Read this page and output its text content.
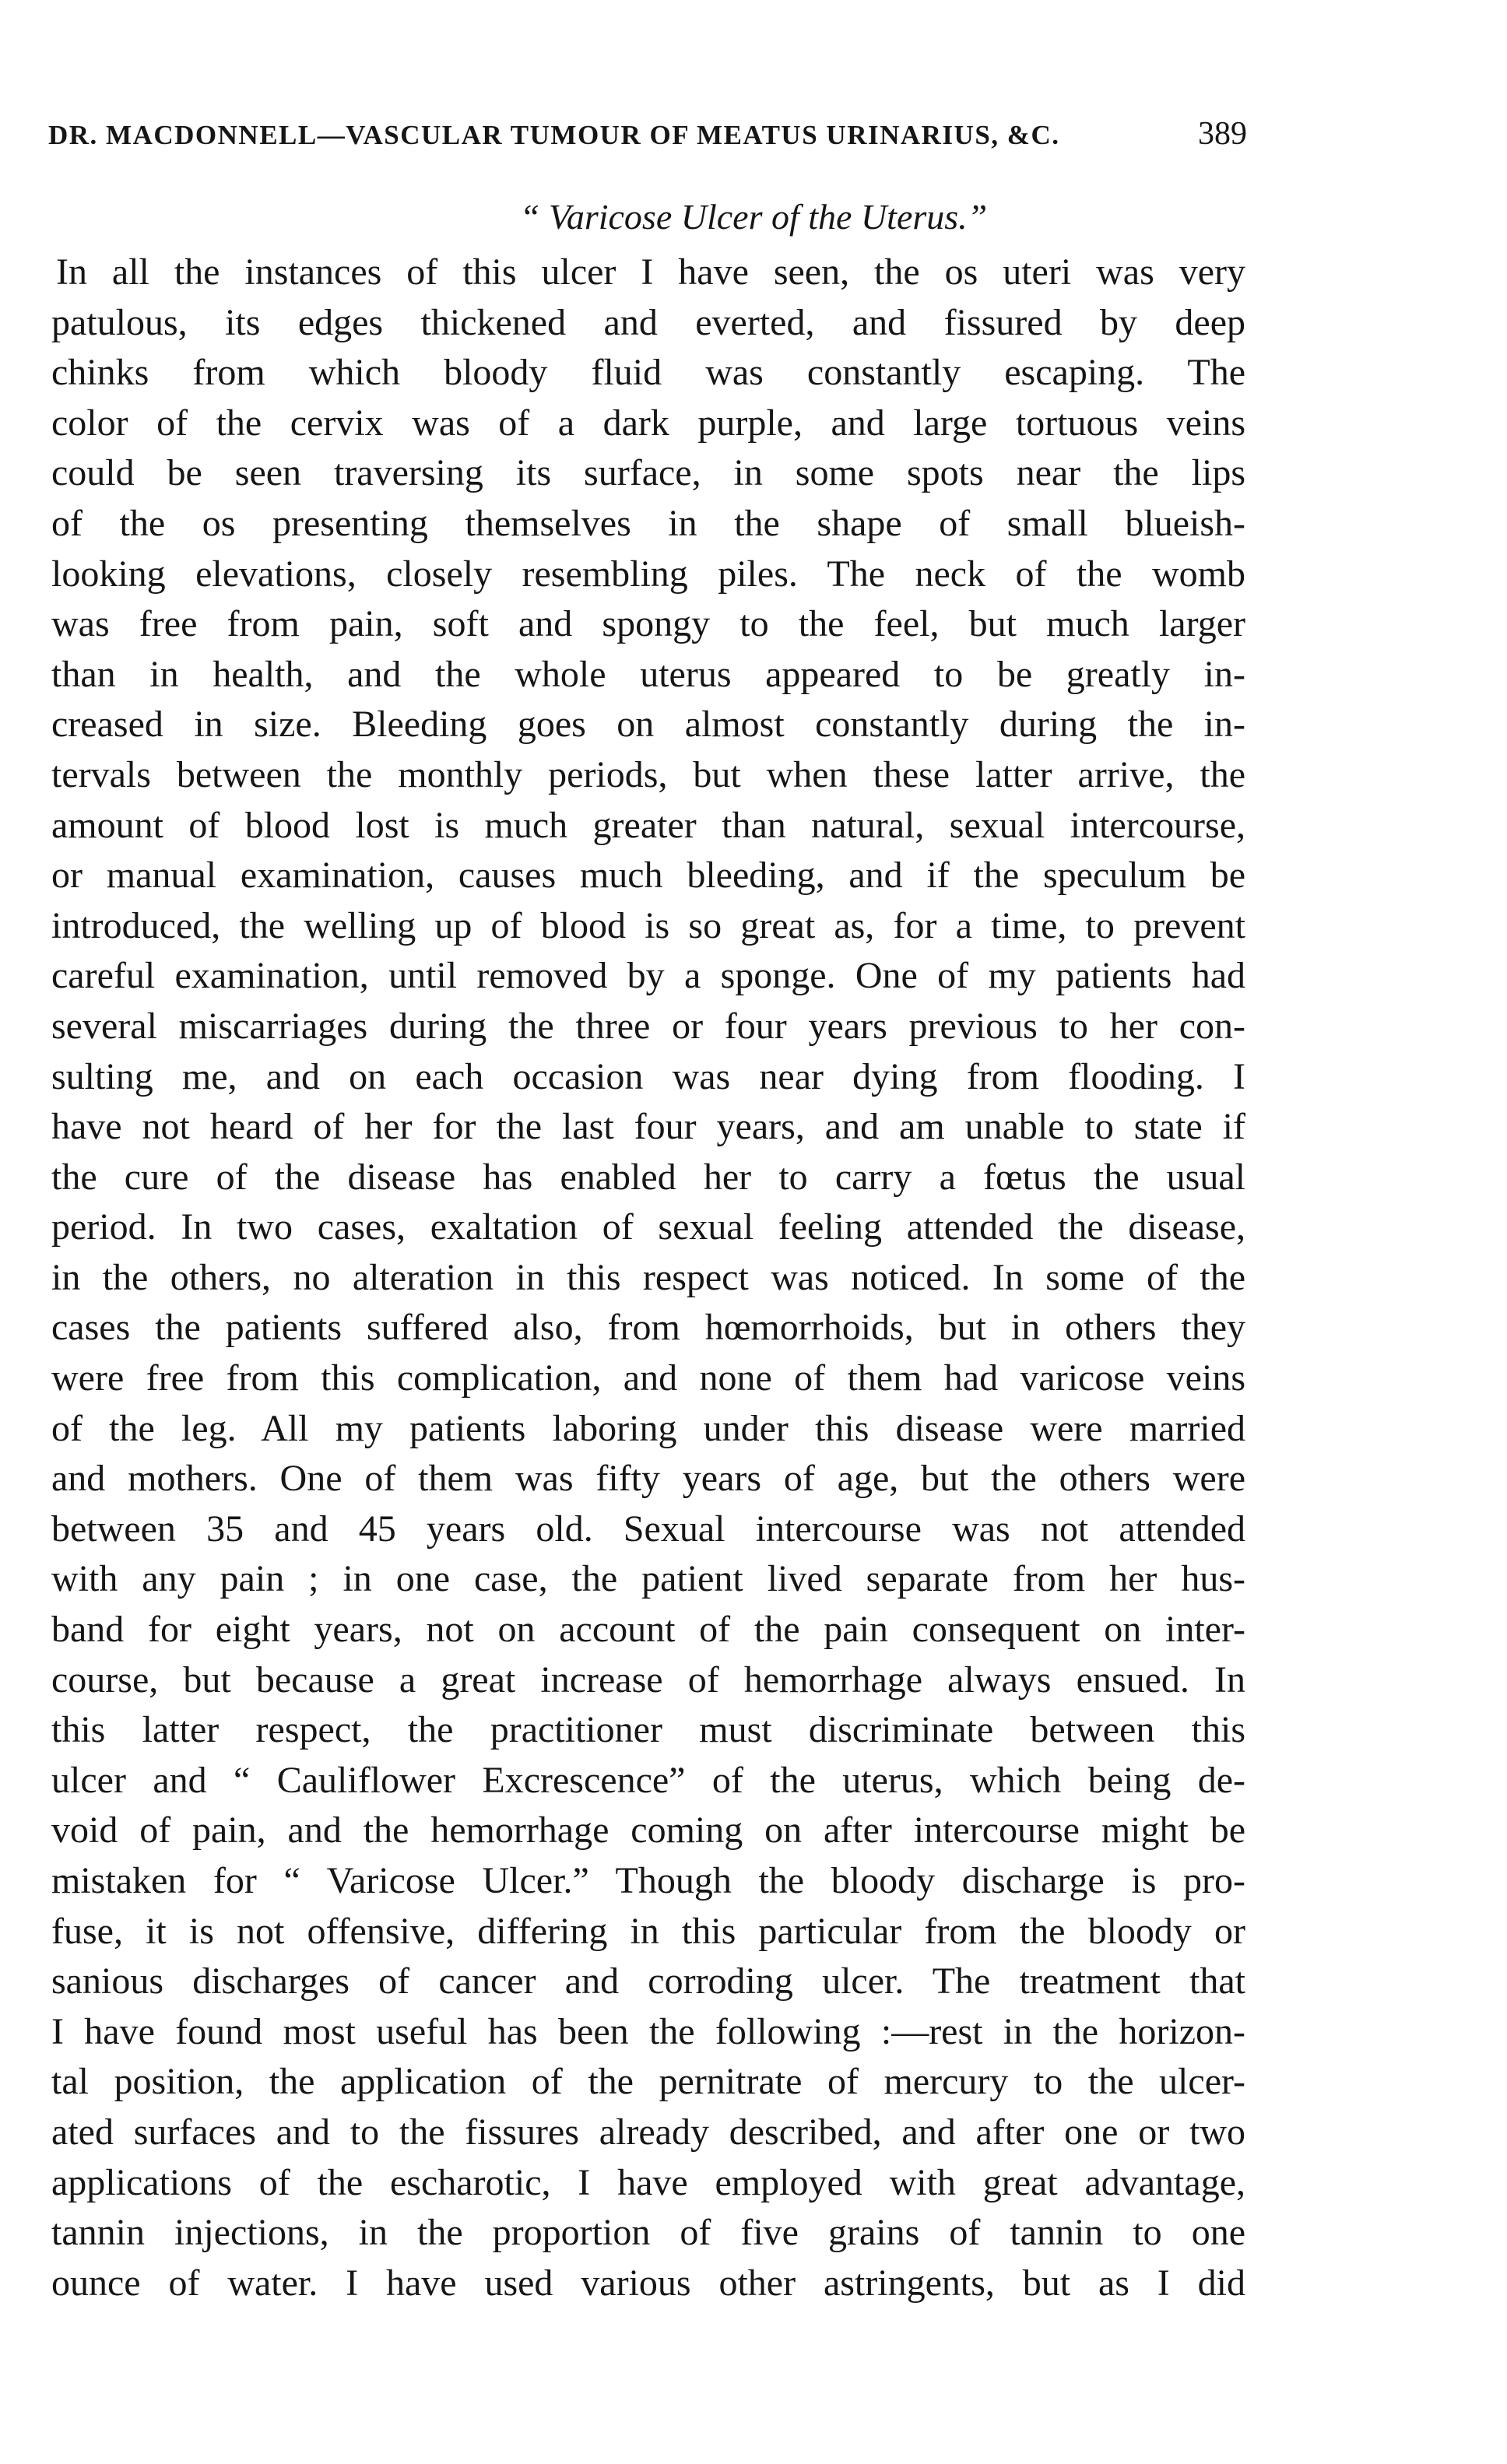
DR. MACDONNELL—VASCULAR TUMOUR OF MEATUS URINARIUS, &C.	389
“ Varicose Ulcer of the Uterus.”
In all the instances of this ulcer I have seen, the os uteri was very
patulous, its edges thickened and everted, and fissured by deep
chinks from which bloody fluid was constantly escaping. The
color of the cervix was of a dark purple, and large tortuous veins
could be seen traversing its surface, in some spots near the lips
of the os presenting themselves in the shape of small blueish-
looking elevations, closely resembling piles. The neck of the womb
was free from pain, soft and spongy to the feel, but much larger
than in health, and the whole uterus appeared to be greatly in-
creased in size. Bleeding goes on almost constantly during the in-
tervals between the monthly periods, but when these latter arrive, the
amount of blood lost is much greater than natural, sexual intercourse,
or manual examination, causes much bleeding, and if the speculum be
introduced, the welling up of blood is so great as, for a time, to prevent
careful examination, until removed by a sponge. One of my patients had
several miscarriages during the three or four years previous to her con-
sulting me, and on each occasion was near dying from flooding. I
have not heard of her for the last four years, and am unable to state if
the cure of the disease has enabled her to carry a fœtus the usual
period. In two cases, exaltation of sexual feeling attended the disease,
in the others, no alteration in this respect was noticed. In some of the
cases the patients suffered also, from hœmorrhoids, but in others they
were free from this complication, and none of them had varicose veins
of the leg. All my patients laboring under this disease were married
and mothers. One of them was fifty years of age, but the others were
between 35 and 45 years old. Sexual intercourse was not attended
with any pain ; in one case, the patient lived separate from her hus-
band for eight years, not on account of the pain consequent on inter-
course, but because a great increase of hemorrhage always ensued. In
this latter respect, the practitioner must discriminate between this
ulcer and “ Cauliflower Excrescence” of the uterus, which being de-
void of pain, and the hemorrhage coming on after intercourse might be
mistaken for “ Varicose Ulcer.” Though the bloody discharge is pro-
fuse, it is not offensive, differing in this particular from the bloody or
sanious discharges of cancer and corroding ulcer. The treatment that
I have found most useful has been the following :—rest in the horizon-
tal position, the application of the pernitrate of mercury to the ulcer-
ated surfaces and to the fissures already described, and after one or two
applications of the escharotic, I have employed with great advantage,
tannin injections, in the proportion of five grains of tannin to one
ounce of water. I have used various other astringents, but as I did
